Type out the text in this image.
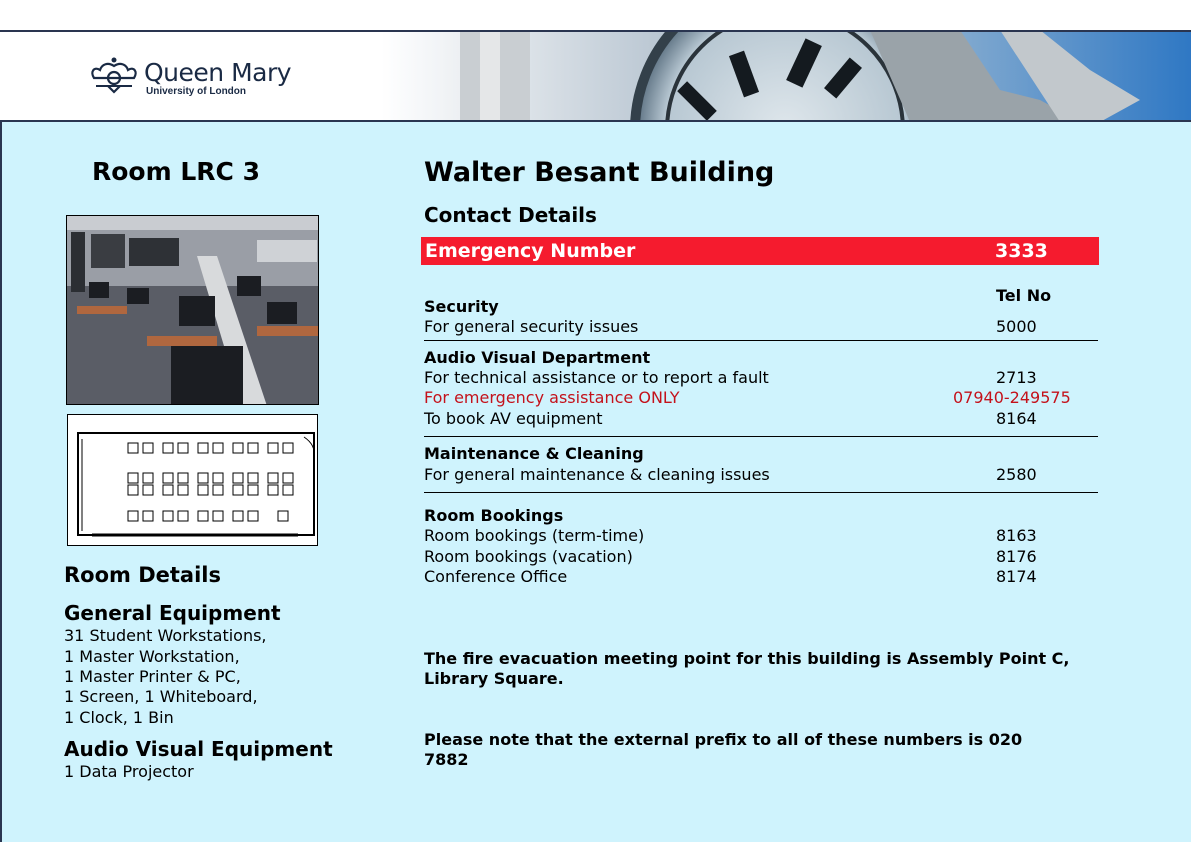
Queen Mary
University of London
Room LRC 3	Walter Besant Building
Contact Details
Emergency Number	3333
Tel No
Security
For general security issues	5000
Audio Visual Department
For technical assistance or to report a fault	2713
For emergency assistance ONLY	07940-249575
To book AV equipment	8164
Maintenance & Cleaning
For general maintenance & cleaning issues	2580
Room Bookings
Room bookings (term-time)	8163
Room bookings (vacation)	8176
Conference Office	8174
The fire evacuation meeting point for this building is Assembly Point C, Library Square.
Please note that the external prefix to all of these numbers is 020 7882
Room Details
General Equipment
31 Student Workstations,
1 Master Workstation,
1 Master Printer & PC,
1 Screen, 1 Whiteboard,
1 Clock, 1 Bin
Audio Visual Equipment
1 Data Projector
